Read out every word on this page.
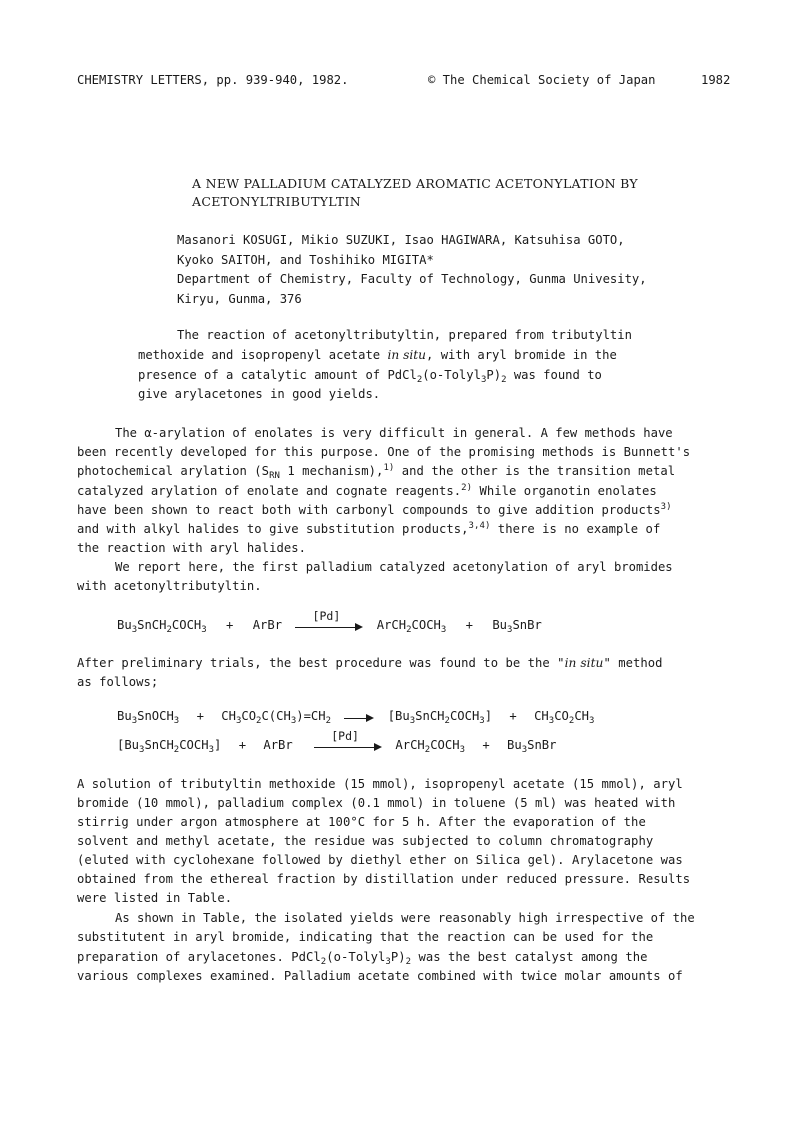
CHEMISTRY LETTERS, pp. 939-940, 1982.	© The Chemical Society of Japan	1982
A NEW PALLADIUM CATALYZED AROMATIC ACETONYLATION BY
ACETONYLTRIBUTYLTIN
Masanori KOSUGI, Mikio SUZUKI, Isao HAGIWARA, Katsuhisa GOTO,
Kyoko SAITOH, and Toshihiko MIGITA*
Department of Chemistry, Faculty of Technology, Gunma Univesity,
Kiryu, Gunma, 376
The reaction of acetonyltributyltin, prepared from tributyltin
methoxide and isopropenyl acetate in situ, with aryl bromide in the
presence of a catalytic amount of $PdCl_2(o-Tolyl_3P)_2$ was found to
give arylacetones in good yields.
The α-arylation of enolates is very difficult in general. A few methods have
been recently developed for this purpose. One of the promising methods is Bunnett's
photochemical arylation ($S_{RN}$ 1 mechanism),$^{1)}$ and the other is the transition metal
catalyzed arylation of enolate and cognate reagents.$^{2)}$ While organotin enolates
have been shown to react both with carbonyl compounds to give addition products$^{3)}$
and with alkyl halides to give substitution products,$^{3,4)}$ there is no example of
the reaction with aryl halides.
We report here, the first palladium catalyzed acetonylation of aryl bromides
with acetonyltributyltin.
$Bu_3SnCH_2COCH_3$ + ArBr
[Pd]
$ArCH_2COCH_3$ + $Bu_3SnBr$
After preliminary trials, the best procedure was found to be the "in situ" method
as follows;
$Bu_3SnOCH_3 + CH_3CO_2C(CH_3)=CH_2$	$[Bu_3SnCH_2COCH_3] + CH_3CO_2CH_3$
$[Bu_3SnCH_2COCH_3]$ + ArBr
[Pd]
$ArCH_2COCH_3$ + $Bu_3SnBr$
A solution of tributyltin methoxide (15 mmol), isopropenyl acetate (15 mmol), aryl
bromide (10 mmol), palladium complex (0.1 mmol) in toluene (5 ml) was heated with
stirrig under argon atmosphere at 100°C for 5 h. After the evaporation of the
solvent and methyl acetate, the residue was subjected to column chromatography
(eluted with cyclohexane followed by diethyl ether on Silica gel). Arylacetone was
obtained from the ethereal fraction by distillation under reduced pressure. Results
were listed in Table.
As shown in Table, the isolated yields were reasonably high irrespective of the
substitutent in aryl bromide, indicating that the reaction can be used for the
preparation of arylacetones. $PdCl_2(o-Tolyl_3P)_2$ was the best catalyst among the
various complexes examined. Palladium acetate combined with twice molar amounts of
